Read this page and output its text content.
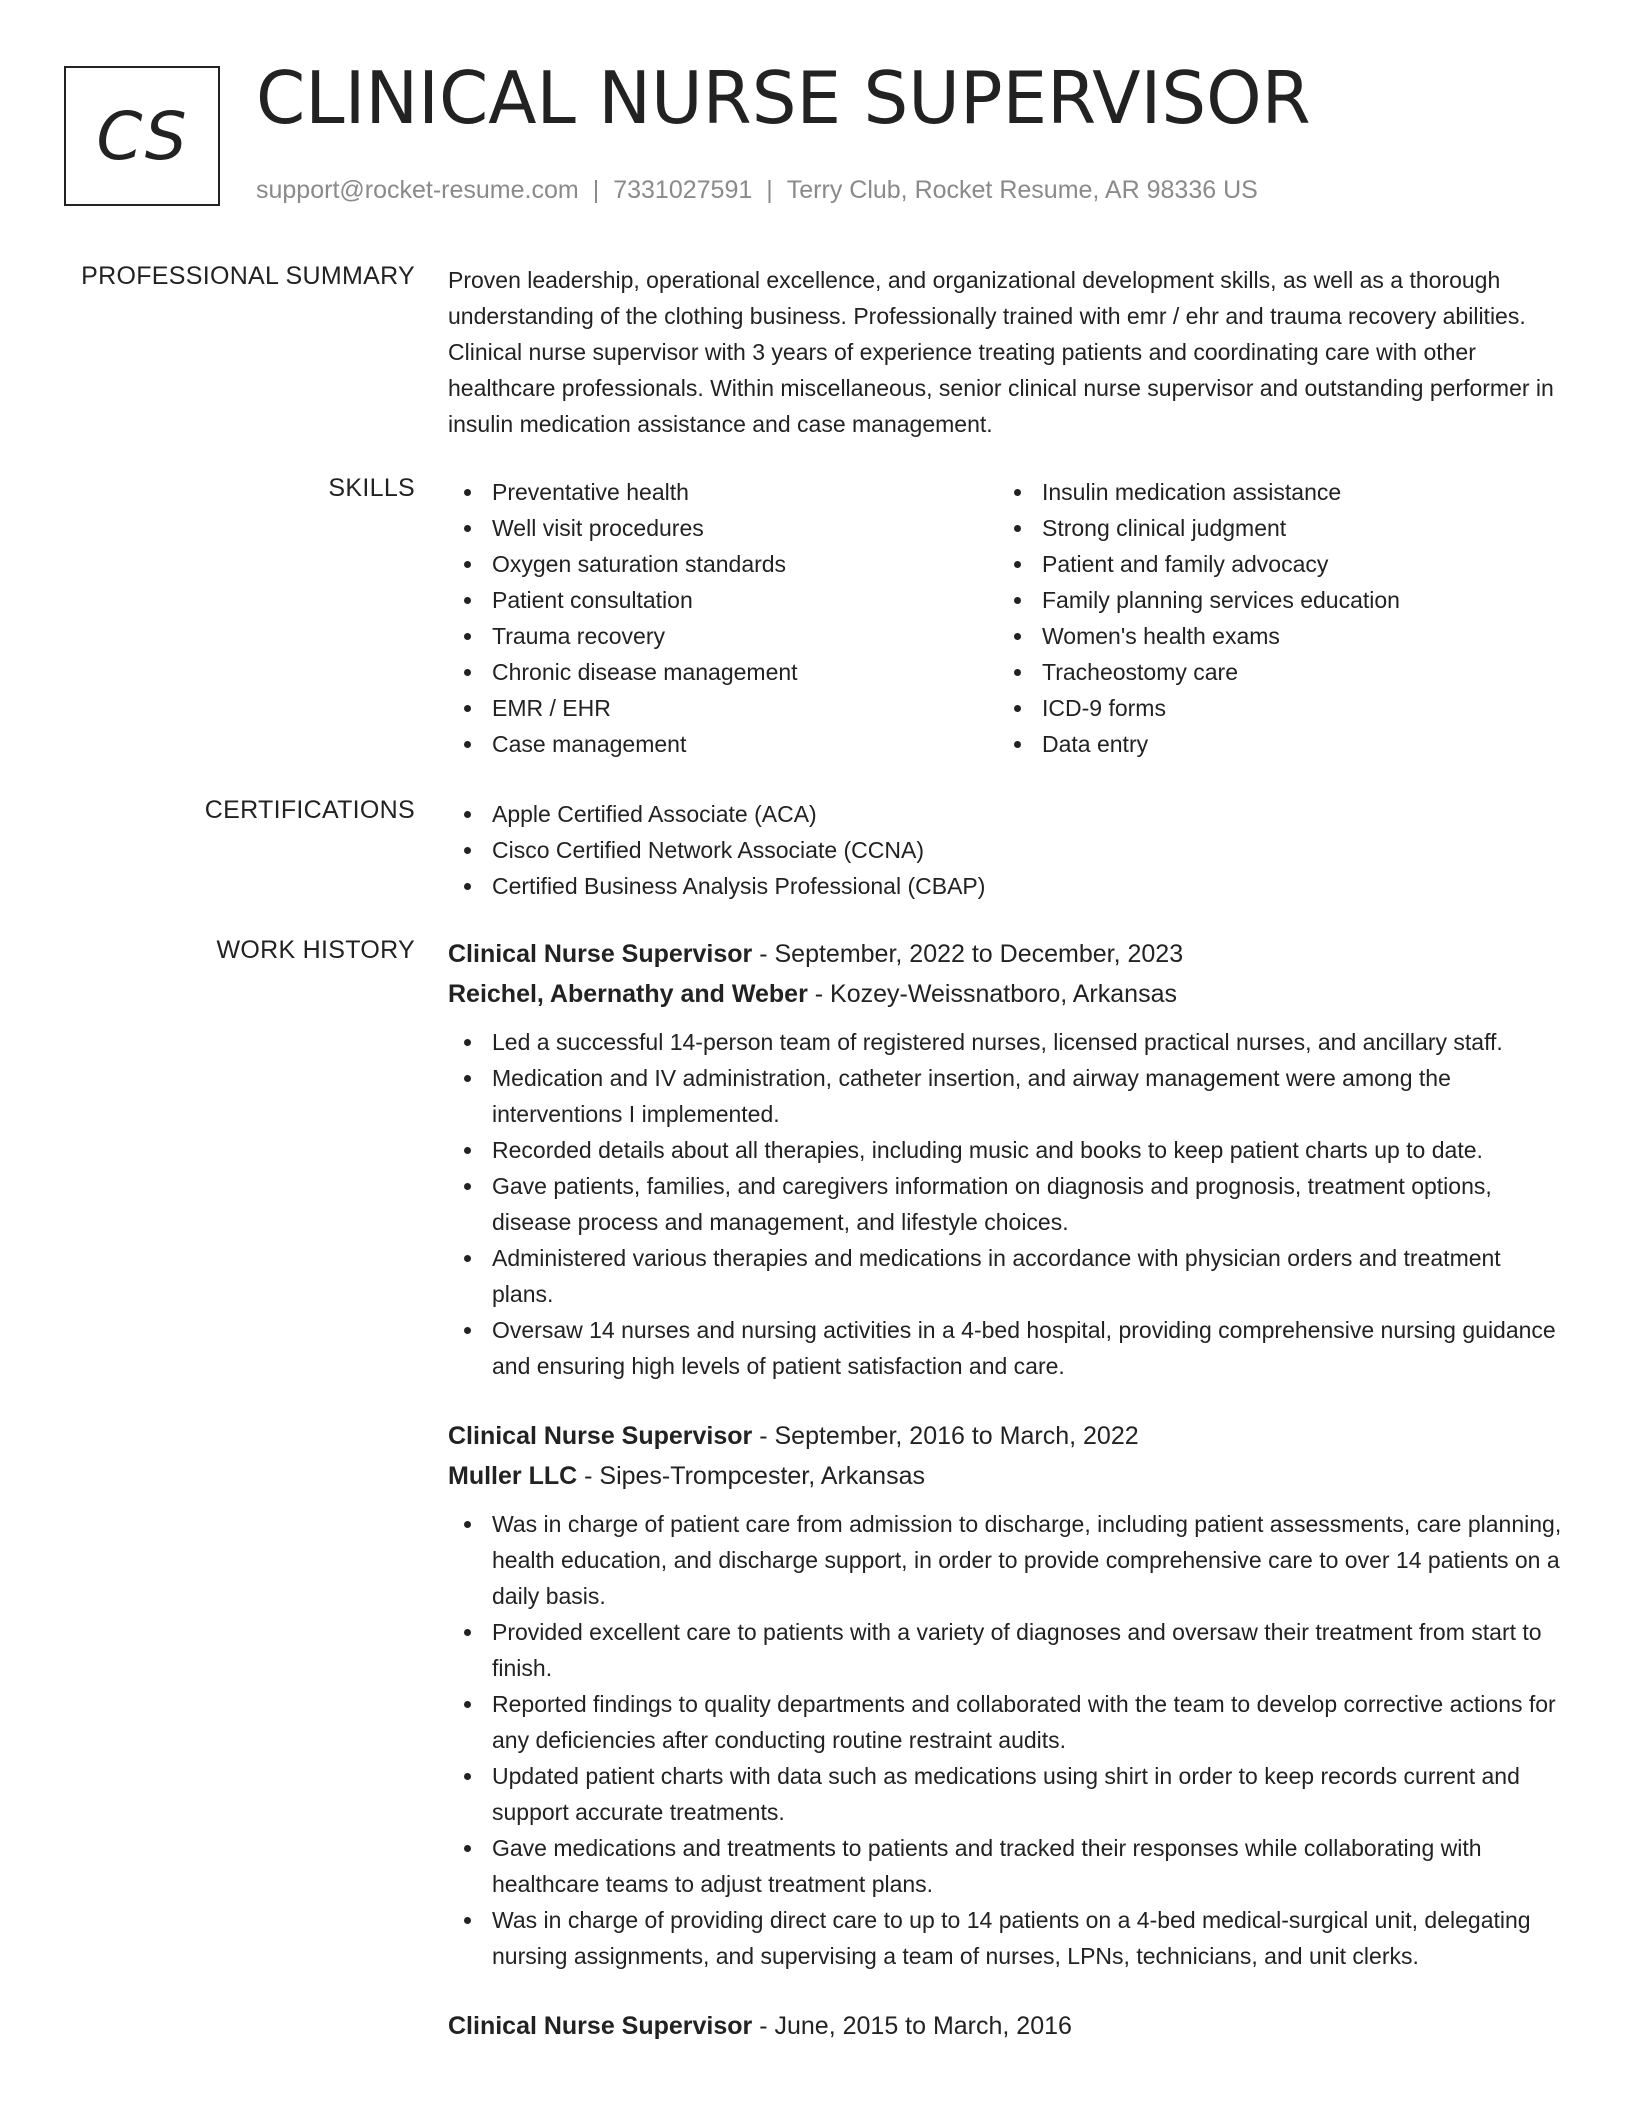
CS CLINICAL NURSE SUPERVISOR
support@rocket-resume.com | 7331027591 | Terry Club, Rocket Resume, AR 98336 US
PROFESSIONAL SUMMARY Proven leadership, operational excellence, and organizational development skills, as well as a thorough understanding of the clothing business. Professionally trained with emr / ehr and trauma recovery abilities. Clinical nurse supervisor with 3 years of experience treating patients and coordinating care with other healthcare professionals. Within miscellaneous, senior clinical nurse supervisor and outstanding performer in insulin medication assistance and case management.

SKILLS	Preventative health
Well visit procedures
Oxygen saturation standards
Patient consultation
Trauma recovery
Chronic disease management
EMR / EHR
Case management
Insulin medication assistance
Strong clinical judgment
Patient and family advocacy
Family planning services education
Women's health exams
Tracheostomy care
ICD-9 forms
Data entry
CERTIFICATIONS	Apple Certified Associate (ACA)
Cisco Certified Network Associate (CCNA)
Certified Business Analysis Professional (CBAP)
WORK HISTORY Clinical Nurse Supervisor - September, 2022 to December, 2023
Reichel, Abernathy and Weber - Kozey-Weissnatboro, Arkansas
Led a successful 14-person team of registered nurses, licensed practical nurses, and ancillary staff.
Medication and IV administration, catheter insertion, and airway management were among the interventions I implemented.
Recorded details about all therapies, including music and books to keep patient charts up to date.
Gave patients, families, and caregivers information on diagnosis and prognosis, treatment options, disease process and management, and lifestyle choices.
Administered various therapies and medications in accordance with physician orders and treatment plans.
Oversaw 14 nurses and nursing activities in a 4-bed hospital, providing comprehensive nursing guidance and ensuring high levels of patient satisfaction and care.
Clinical Nurse Supervisor - September, 2016 to March, 2022
Muller LLC - Sipes-Trompcester, Arkansas
Was in charge of patient care from admission to discharge, including patient assessments, care planning, health education, and discharge support, in order to provide comprehensive care to over 14 patients on a daily basis.
Provided excellent care to patients with a variety of diagnoses and oversaw their treatment from start to finish.
Reported findings to quality departments and collaborated with the team to develop corrective actions for any deficiencies after conducting routine restraint audits.
Updated patient charts with data such as medications using shirt in order to keep records current and support accurate treatments.
Gave medications and treatments to patients and tracked their responses while collaborating with healthcare teams to adjust treatment plans.
Was in charge of providing direct care to up to 14 patients on a 4-bed medical-surgical unit, delegating nursing assignments, and supervising a team of nurses, LPNs, technicians, and unit clerks.
Clinical Nurse Supervisor - June, 2015 to March, 2016
